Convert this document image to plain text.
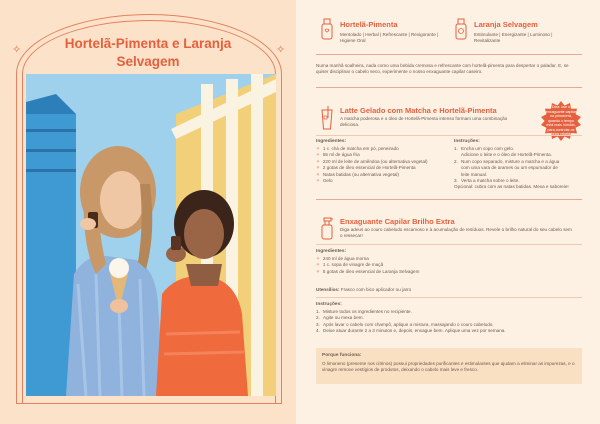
✧	✧
Hortelã-Pimenta e Laranja Selvagem
Hortelã-Pimenta
Mentolado | Herbal | Refrescante | Revigorante | Higiene Oral
Laranja Selvagem
Estimulante | Energizante | Luminoso | Revitalizante
Numa manhã soalheira, nada como uma bebida cremosa e refrescante com hortelã-pimenta para despertar o paladar. E, se quiser disciplinar o cabelo seco, experimente o nosso enxaguante capilar caseiro.
Latte Gelado com Matcha e Hortelã-Pimenta
A matcha poderosa e o óleo de Hortelã-Pimenta intenso formam uma combinação deliciosa.
Dica: use o enxaguante capilar na primavera, quando o tempo está mais húmido, para controlar os
Ingredientes:
✧ 1 c. chá de matcha em pó, peneirado
✧ 55 ml de água fria
✧ 220 ml de leite de amêndoa (ou alternativa vegetal)
✧ 2 gotas de óleo essencial de Hortelã-Pimenta
✧ Natas batidas (ou alternativa vegetal)
✧ Gelo
Instruções:
1. Encha um copo com gelo.
Adicione o leite e o óleo de Hortelã-Pimenta.
2. Num copo separado, misture a matcha e a água
com uma vara de arames ou um espumador de
leite manual.
3. Verta a matcha sobre o leite.
Opcional: cubra com as natas batidas. Mexa e saboreie!
Enxaguante Capilar Brilho Extra
Diga adeus ao couro cabeludo escamoso e à acumulação de resíduos. Revele o brilho natural do seu cabelo sem o ressecar!
Ingredientes:
✧ 240 ml de água morna
✧ 1 c. sopa de vinagre de maçã
✧ 5 gotas de óleo essencial de Laranja Selvagem
Utensílios: Frasco com bico aplicador ou jarro
Instruções:
1. Misture todos os ingredientes no recipiente.
2. Agite ou mexa bem.
3. Após lavar o cabelo com champô, aplique a mistura, massajando o couro cabeludo.
4. Deixe atuar durante 2 a 3 minutos e, depois, enxague bem. Aplique uma vez por semana.
Porque funciona:
O limoneno (presente nos citrinos) possui propriedades purificantes e estimulantes que ajudam a eliminar as impurezas, e o vinagre remove vestígios de produtos, deixando o cabelo mais leve e fresco.
